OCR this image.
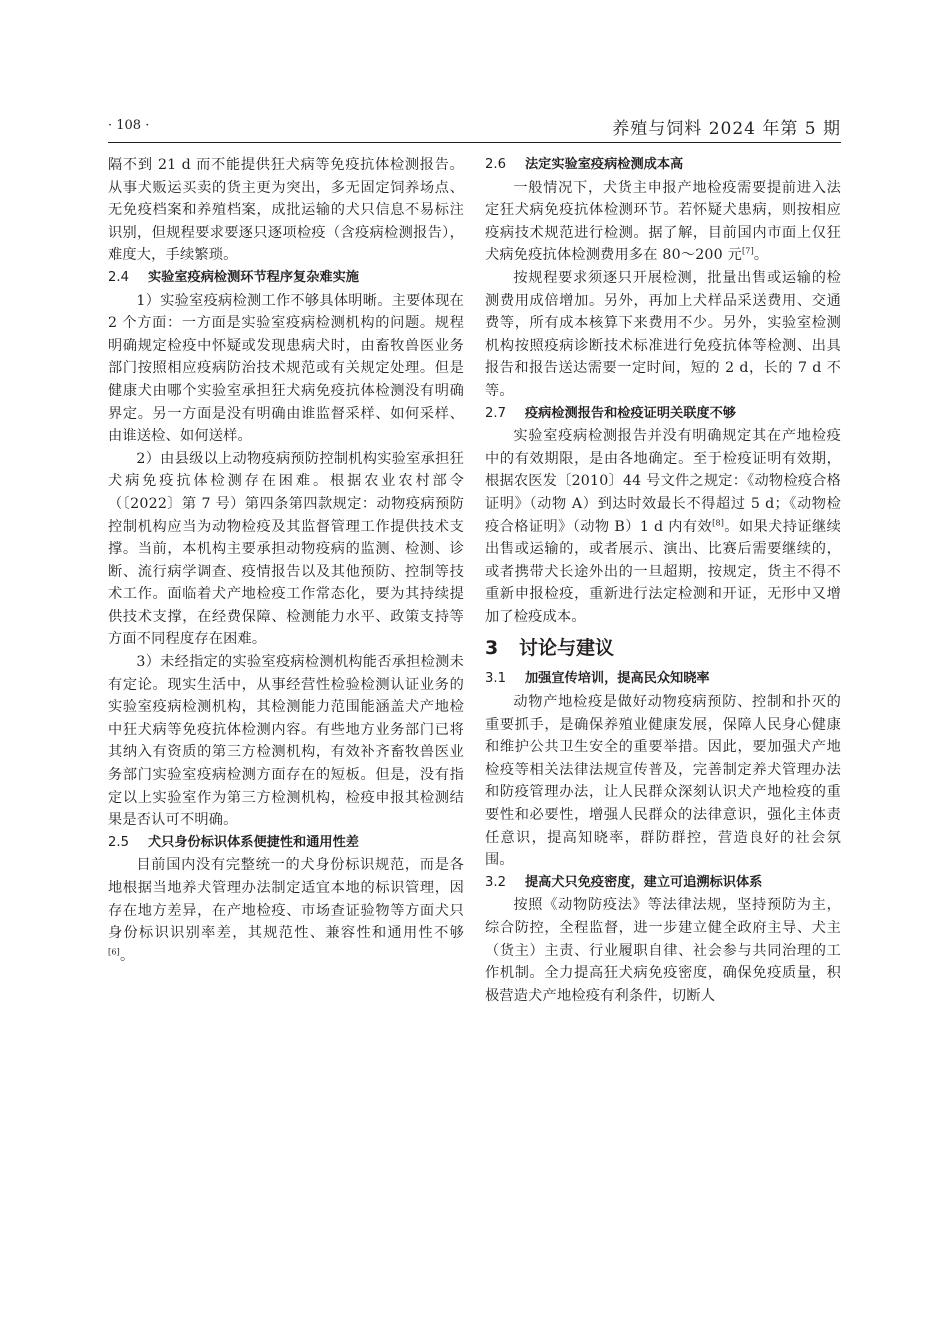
· 108 ·	养殖与饲料 2024 年第 5 期

隔不到 21 d 而不能提供狂犬病等免疫抗体检测报告。从事犬贩运买卖的货主更为突出，多无固定饲养场点、无免疫档案和养殖档案，成批运输的犬只信息不易标注识别，但规程要求要逐只逐项检疫（含疫病检测报告），难度大，手续繁琐。

2.4 实验室疫病检测环节程序复杂难实施

1）实验室疫病检测工作不够具体明晰。主要体现在 2 个方面：一方面是实验室疫病检测机构的问题。规程明确规定检疫中怀疑或发现患病犬时，由畜牧兽医业务部门按照相应疫病防治技术规范或有关规定处理。但是健康犬由哪个实验室承担狂犬病免疫抗体检测没有明确界定。另一方面是没有明确由谁监督采样、如何采样、由谁送检、如何送样。

2）由县级以上动物疫病预防控制机构实验室承担狂犬病免疫抗体检测存在困难。根据农业农村部令（〔2022〕第 7 号）第四条第四款规定：动物疫病预防控制机构应当为动物检疫及其监督管理工作提供技术支撑。当前，本机构主要承担动物疫病的监测、检测、诊断、流行病学调查、疫情报告以及其他预防、控制等技术工作。面临着犬产地检疫工作常态化，要为其持续提供技术支撑，在经费保障、检测能力水平、政策支持等方面不同程度存在困难。

3）未经指定的实验室疫病检测机构能否承担检测未有定论。现实生活中，从事经营性检验检测认证业务的实验室疫病检测机构，其检测能力范围能涵盖犬产地检中狂犬病等免疫抗体检测内容。有些地方业务部门已将其纳入有资质的第三方检测机构，有效补齐畜牧兽医业务部门实验室疫病检测方面存在的短板。但是，没有指定以上实验室作为第三方检测机构，检疫申报其检测结果是否认可不明确。

2.5 犬只身份标识体系便捷性和通用性差

目前国内没有完整统一的犬身份标识规范，而是各地根据当地养犬管理办法制定适宜本地的标识管理，因存在地方差异，在产地检疫、市场查证验物等方面犬只身份标识识别率差，其规范性、兼容性和通用性不够[6]。

2.6 法定实验室疫病检测成本高

一般情况下，犬货主申报产地检疫需要提前进入法定狂犬病免疫抗体检测环节。若怀疑犬患病，则按相应疫病技术规范进行检测。据了解，目前国内市面上仅狂犬病免疫抗体检测费用多在 80～200 元[7]。

按规程要求须逐只开展检测，批量出售或运输的检测费用成倍增加。另外，再加上犬样品采送费用、交通费等，所有成本核算下来费用不少。另外，实验室检测机构按照疫病诊断技术标准进行免疫抗体等检测、出具报告和报告送达需要一定时间，短的 2 d，长的 7 d 不等。

2.7 疫病检测报告和检疫证明关联度不够

实验室疫病检测报告并没有明确规定其在产地检疫中的有效期限，是由各地确定。至于检疫证明有效期，根据农医发〔2010〕44 号文件之规定：《动物检疫合格证明》（动物 A）到达时效最长不得超过 5 d；《动物检疫合格证明》（动物 B）1 d 内有效[8]。如果犬持证继续出售或运输的，或者展示、演出、比赛后需要继续的，或者携带犬长途外出的一旦超期，按规定，货主不得不重新申报检疫，重新进行法定检测和开证，无形中又增加了检疫成本。

3 讨论与建议
3.1 加强宣传培训，提高民众知晓率

动物产地检疫是做好动物疫病预防、控制和扑灭的重要抓手，是确保养殖业健康发展，保障人民身心健康和维护公共卫生安全的重要举措。因此，要加强犬产地检疫等相关法律法规宣传普及，完善制定养犬管理办法和防疫管理办法，让人民群众深刻认识犬产地检疫的重要性和必要性，增强人民群众的法律意识，强化主体责任意识，提高知晓率，群防群控，营造良好的社会氛围。

3.2 提高犬只免疫密度，建立可追溯标识体系

按照《动物防疫法》等法律法规，坚持预防为主，综合防控，全程监督，进一步建立健全政府主导、犬主（货主）主责、行业履职自律、社会参与共同治理的工作机制。全力提高狂犬病免疫密度，确保免疫质量，积极营造犬产地检疫有利条件，切断人
